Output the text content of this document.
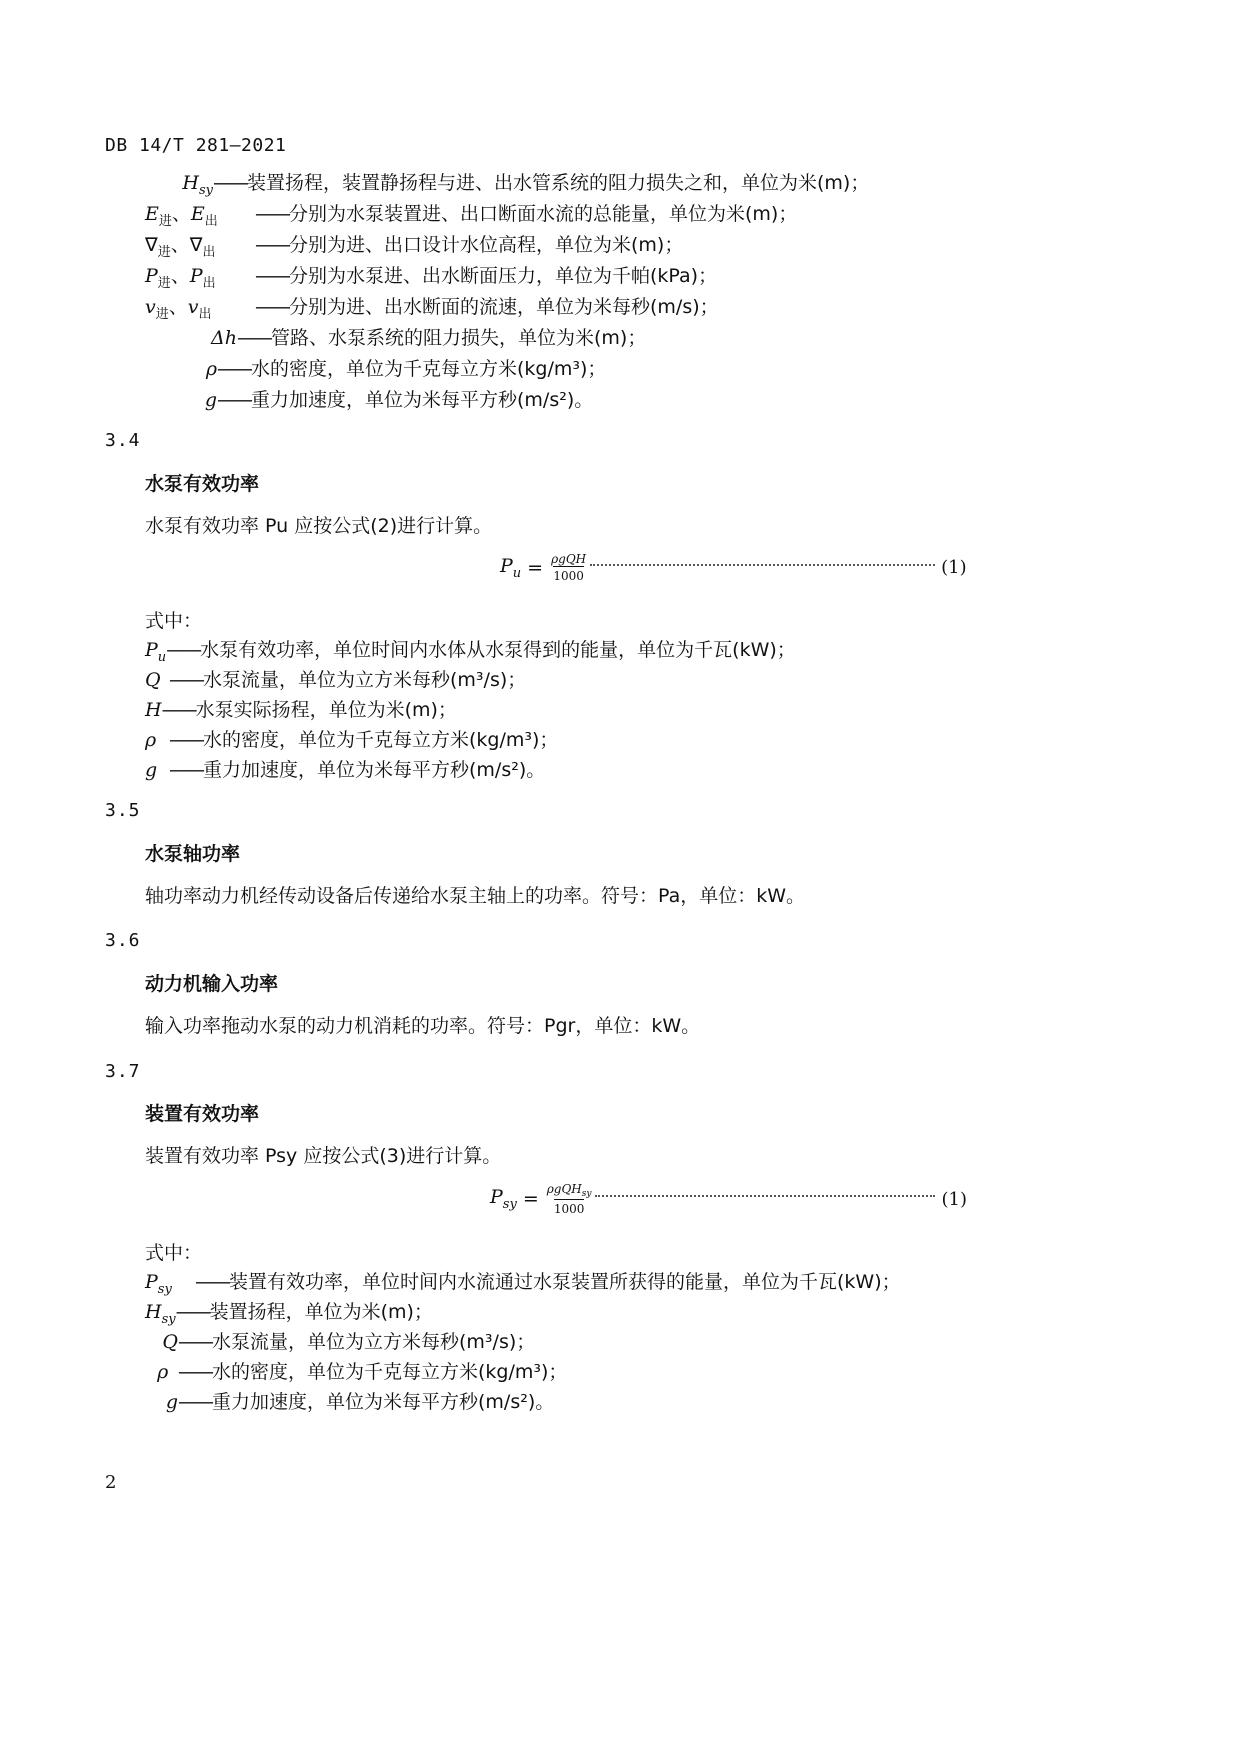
DB 14/T 281—2021
$H_{sy}——$装置扬程，装置静扬程与进、出水管系统的阻力损失之和，单位为米(m)；
$E_进$、$E_出$ ——分别为水泵装置进、出口断面水流的总能量，单位为米(m)；
$\nabla_进$、$\nabla_出$ ——分别为进、出口设计水位高程，单位为米(m)；
$P_进$、$P_出$ ——分别为水泵进、出水断面压力，单位为千帕(kPa)；
$v_进$、$v_出$ ——分别为进、出水断面的流速，单位为米每秒(m/s)；
Δh——管路、水泵系统的阻力损失，单位为米(m)；
ρ——水的密度，单位为千克每立方米(kg/m³)；
g——重力加速度，单位为米每平方秒(m/s²)。
3.4
水泵有效功率
水泵有效功率 Pu 应按公式(2)进行计算。
$P_u = \frac{\text{ρgQH}}{1000}$	(1)
式中：
$P_u——$水泵有效功率，单位时间内水体从水泵得到的能量，单位为千瓦(kW)；
Q ——水泵流量，单位为立方米每秒(m³/s)；
H——水泵实际扬程，单位为米(m)；
ρ ——水的密度，单位为千克每立方米(kg/m³)；
g ——重力加速度，单位为米每平方秒(m/s²)。
3.5
水泵轴功率
轴功率动力机经传动设备后传递给水泵主轴上的功率。符号：Pa，单位：kW。
3.6
动力机输入功率
输入功率拖动水泵的动力机消耗的功率。符号：Pgr，单位：kW。
3.7
装置有效功率
装置有效功率 Psy 应按公式(3)进行计算。
$P_{sy} = \frac{\rho gQH_{sy}}{1000}$	(1)
式中：
$P_{sy}$ ——装置有效功率，单位时间内水流通过水泵装置所获得的能量，单位为千瓦(kW)；
$H_{sy}——$装置扬程，单位为米(m)；
Q——水泵流量，单位为立方米每秒(m³/s)；
ρ ——水的密度，单位为千克每立方米(kg/m³)；
g——重力加速度，单位为米每平方秒(m/s²)。
2
